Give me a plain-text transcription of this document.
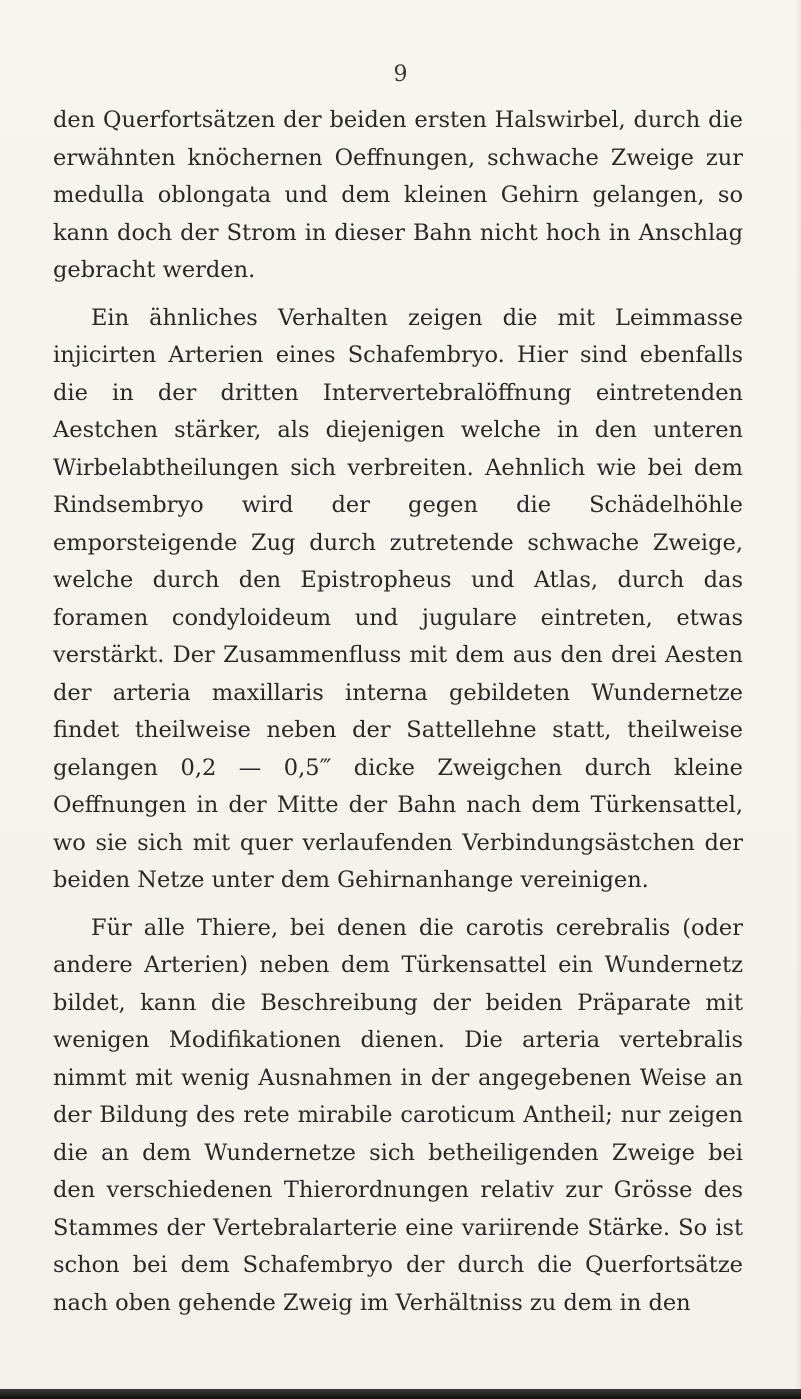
9

den Querfortsätzen der beiden ersten Halswirbel, durch die erwähnten knöchernen Oeffnungen, schwache Zweige zur medulla oblongata und dem kleinen Gehirn gelangen, so kann doch der Strom in dieser Bahn nicht hoch in Anschlag gebracht werden.

Ein ähnliches Verhalten zeigen die mit Leimmasse injicirten Arterien eines Schafembryo. Hier sind ebenfalls die in der dritten Intervertebralöffnung eintretenden Aestchen stärker, als diejenigen welche in den unteren Wirbelabtheilungen sich verbreiten. Aehnlich wie bei dem Rindsembryo wird der gegen die Schädelhöhle emporsteigende Zug durch zutretende schwache Zweige, welche durch den Epistropheus und Atlas, durch das foramen condyloideum und jugulare eintreten, etwas verstärkt. Der Zusammenfluss mit dem aus den drei Aesten der arteria maxillaris interna gebildeten Wundernetze findet theilweise neben der Sattellehne statt, theilweise gelangen 0,2 — 0,5‴ dicke Zweigchen durch kleine Oeffnungen in der Mitte der Bahn nach dem Türkensattel, wo sie sich mit quer verlaufenden Verbindungsästchen der beiden Netze unter dem Gehirnanhange vereinigen.

Für alle Thiere, bei denen die carotis cerebralis (oder andere Arterien) neben dem Türkensattel ein Wundernetz bildet, kann die Beschreibung der beiden Präparate mit wenigen Modifikationen dienen. Die arteria vertebralis nimmt mit wenig Ausnahmen in der angegebenen Weise an der Bildung des rete mirabile caroticum Antheil; nur zeigen die an dem Wundernetze sich betheiligenden Zweige bei den verschiedenen Thierordnungen relativ zur Grösse des Stammes der Vertebralarterie eine variirende Stärke. So ist schon bei dem Schafembryo der durch die Querfortsätze nach oben gehende Zweig im Verhältniss zu dem in den
